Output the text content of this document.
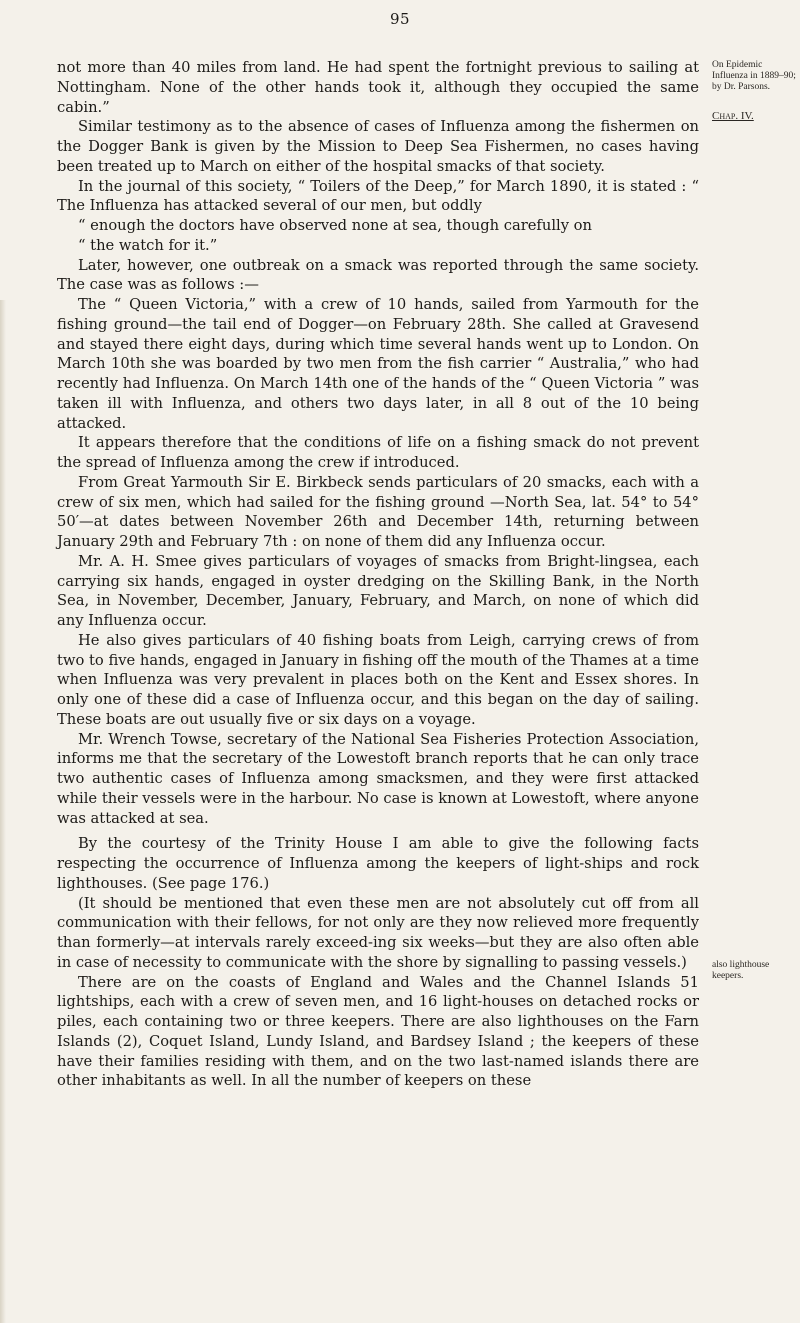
95
On Epidemic Influenza in 1889–90; by Dr. Parsons.
Chap. IV.
also lighthouse keepers.

not more than 40 miles from land. He had spent the fortnight previous to sailing at Nottingham. None of the other hands took it, although they occupied the same cabin.”

Similar testimony as to the absence of cases of Influenza among the fishermen on the Dogger Bank is given by the Mission to Deep Sea Fishermen, no cases having been treated up to March on either of the hospital smacks of that society.

In the journal of this society, “ Toilers of the Deep,” for March 1890, it is stated : “ The Influenza has attacked several of our men, but oddly

“ enough the doctors have observed none at sea, though carefully on

“ the watch for it.”

Later, however, one outbreak on a smack was reported through the same society. The case was as follows :—

The “ Queen Victoria,” with a crew of 10 hands, sailed from Yarmouth for the fishing ground—the tail end of Dogger—on February 28th. She called at Gravesend and stayed there eight days, during which time several hands went up to London. On March 10th she was boarded by two men from the fish carrier “ Australia,” who had recently had Influenza. On March 14th one of the hands of the “ Queen Victoria ” was taken ill with Influenza, and others two days later, in all 8 out of the 10 being attacked.

It appears therefore that the conditions of life on a fishing smack do not prevent the spread of Influenza among the crew if introduced.

From Great Yarmouth Sir E. Birkbeck sends particulars of 20 smacks, each with a crew of six men, which had sailed for the fishing ground —North Sea, lat. 54° to 54° 50′—at dates between November 26th and December 14th, returning between January 29th and February 7th : on none of them did any Influenza occur.

Mr. A. H. Smee gives particulars of voyages of smacks from Bright-lingsea, each carrying six hands, engaged in oyster dredging on the Skilling Bank, in the North Sea, in November, December, January, February, and March, on none of which did any Influenza occur.

He also gives particulars of 40 fishing boats from Leigh, carrying crews of from two to five hands, engaged in January in fishing off the mouth of the Thames at a time when Influenza was very prevalent in places both on the Kent and Essex shores. In only one of these did a case of Influenza occur, and this began on the day of sailing. These boats are out usually five or six days on a voyage.

Mr. Wrench Towse, secretary of the National Sea Fisheries Protection Association, informs me that the secretary of the Lowestoft branch reports that he can only trace two authentic cases of Influenza among smacksmen, and they were first attacked while their vessels were in the harbour. No case is known at Lowestoft, where anyone was attacked at sea.

By the courtesy of the Trinity House I am able to give the following facts respecting the occurrence of Influenza among the keepers of light-ships and rock lighthouses. (See page 176.)

(It should be mentioned that even these men are not absolutely cut off from all communication with their fellows, for not only are they now relieved more frequently than formerly—at intervals rarely exceed-ing six weeks—but they are also often able in case of necessity to communicate with the shore by signalling to passing vessels.)

There are on the coasts of England and Wales and the Channel Islands 51 lightships, each with a crew of seven men, and 16 light-houses on detached rocks or piles, each containing two or three keepers. There are also lighthouses on the Farn Islands (2), Coquet Island, Lundy Island, and Bardsey Island ; the keepers of these have their families residing with them, and on the two last-named islands there are other inhabitants as well. In all the number of keepers on these
